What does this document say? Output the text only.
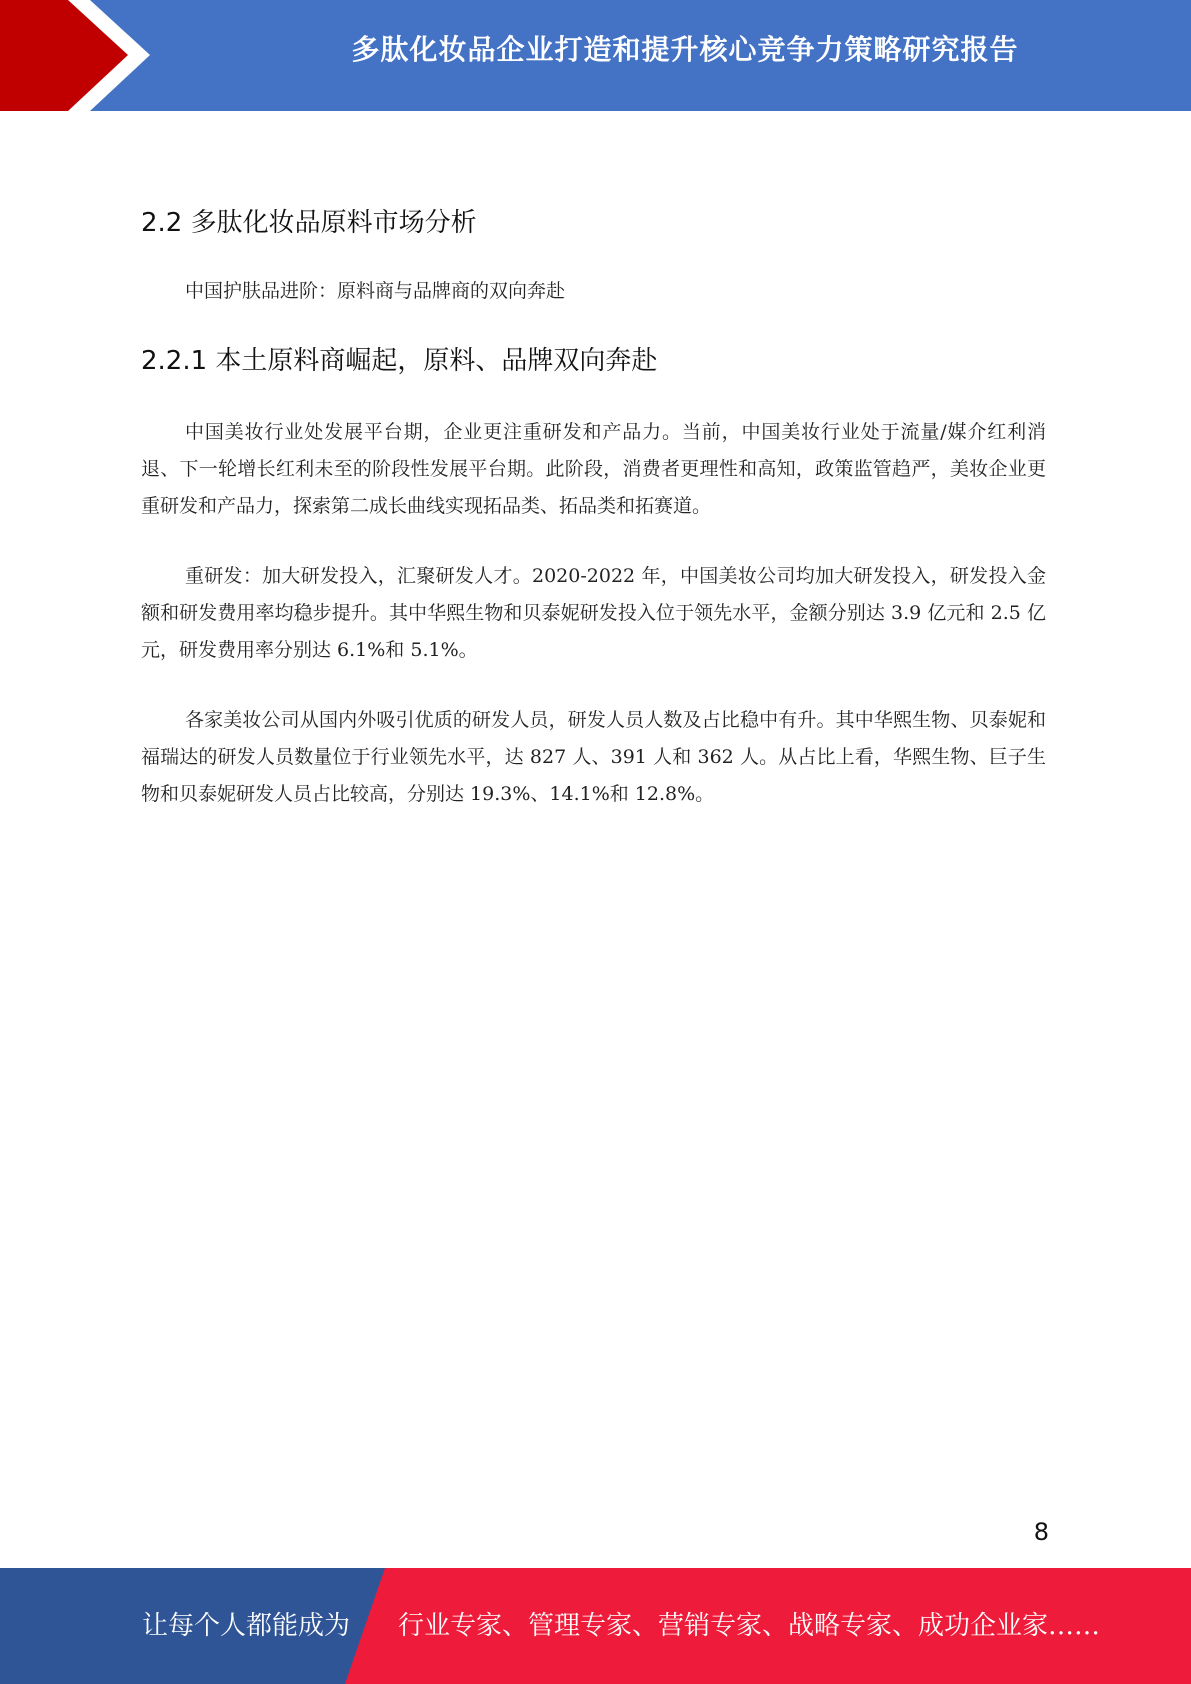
多肽化妆品企业打造和提升核心竞争力策略研究报告
2.2 多肽化妆品原料市场分析
中国护肤品进阶：原料商与品牌商的双向奔赴
2.2.1 本土原料商崛起，原料、品牌双向奔赴
中国美妆行业处发展平台期，企业更注重研发和产品力。当前，中国美妆行业处于流量/媒介红利消退、下一轮增长红利未至的阶段性发展平台期。此阶段，消费者更理性和高知，政策监管趋严，美妆企业更重研发和产品力，探索第二成长曲线实现拓品类、拓品类和拓赛道。
重研发：加大研发投入，汇聚研发人才。2020-2022 年，中国美妆公司均加大研发投入，研发投入金额和研发费用率均稳步提升。其中华熙生物和贝泰妮研发投入位于领先水平，金额分别达 3.9 亿元和 2.5 亿元，研发费用率分别达 6.1%和 5.1%。
各家美妆公司从国内外吸引优质的研发人员，研发人员人数及占比稳中有升。其中华熙生物、贝泰妮和福瑞达的研发人员数量位于行业领先水平，达 827 人、391 人和 362 人。从占比上看，华熙生物、巨子生物和贝泰妮研发人员占比较高，分别达 19.3%、14.1%和 12.8%。
8
让每个人都能成为 行业专家、管理专家、营销专家、战略专家、成功企业家……
